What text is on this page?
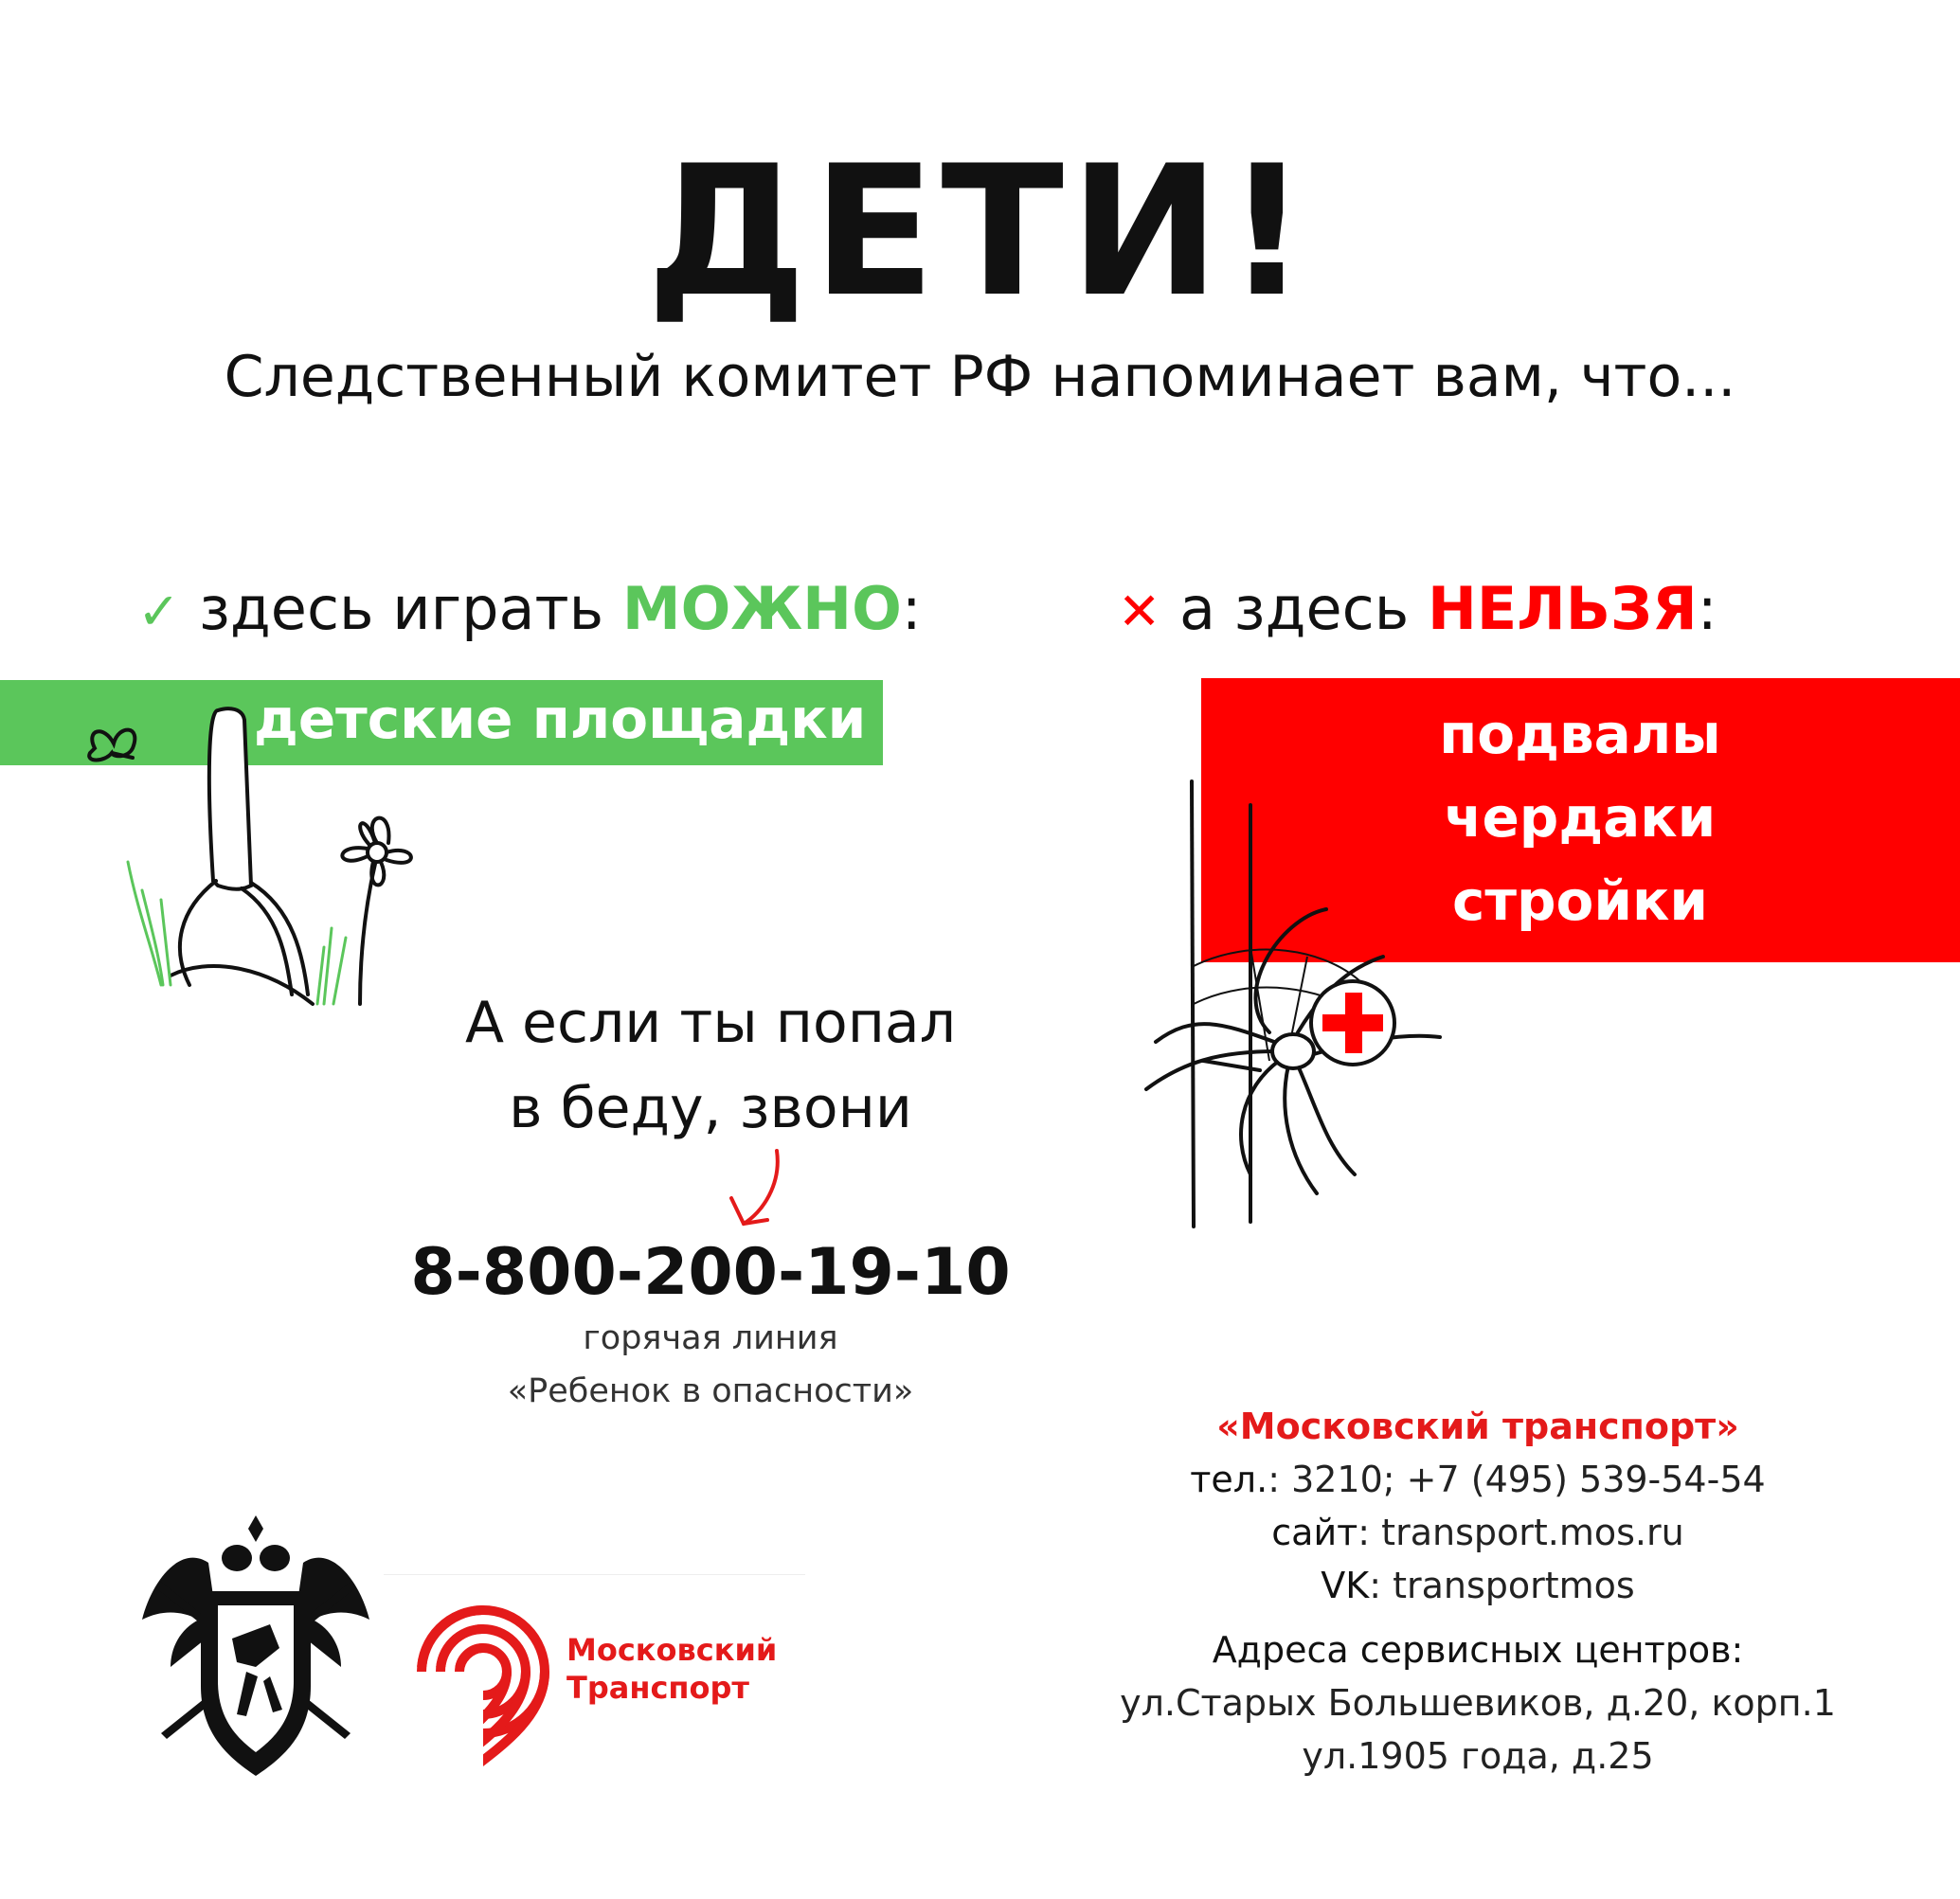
ДЕТИ!
Следственный комитет РФ напоминает вам, что...
✓ здесь играть МОЖНО:	✕ а здесь НЕЛЬЗЯ:
детские площадки	подвалы
чердаки
стройки
А если ты попал
в беду, звони
8-800-200-19-10
горячая линия
«Ребенок в опасности»
«Московский транспорт»
тел.: 3210; +7 (495) 539-54-54
сайт: transport.mos.ru
VK: transportmos
Адреса сервисных центров:
ул.Старых Большевиков, д.20, корп.1
ул.1905 года, д.25
Московский
Транспорт
